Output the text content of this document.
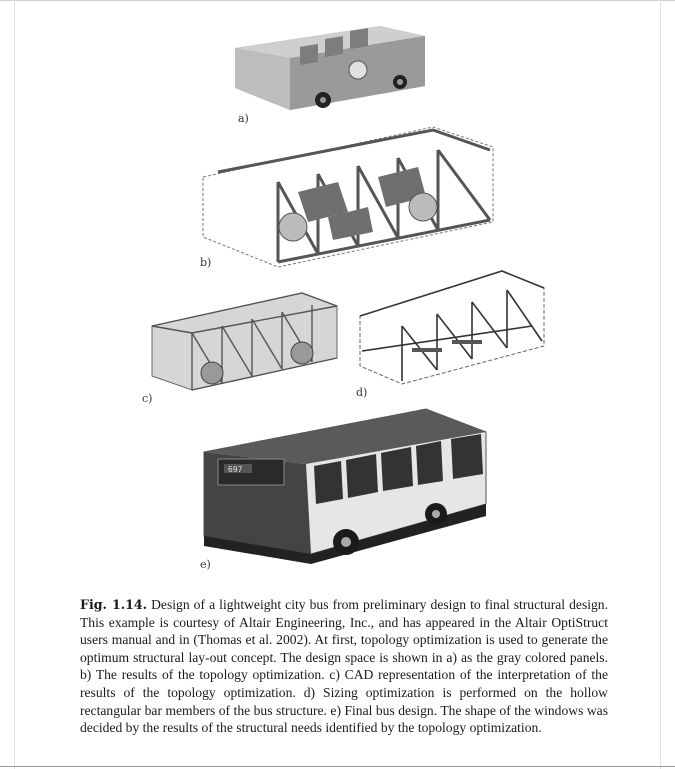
a)
b)
c)	d)
697
e)
Fig. 1.14. Design of a lightweight city bus from preliminary design to final structural design. This example is courtesy of Altair Engineering, Inc., and has appeared in the Altair OptiStruct users manual and in (Thomas et al. 2002). At first, topology optimization is used to generate the optimum structural lay-out concept. The design space is shown in a) as the gray colored panels. b) The results of the topology optimization. c) CAD representation of the interpretation of the results of the topology optimization. d) Sizing optimization is performed on the hollow rectangular bar members of the bus structure. e) Final bus design. The shape of the windows was decided by the results of the structural needs identified by the topology optimization.
